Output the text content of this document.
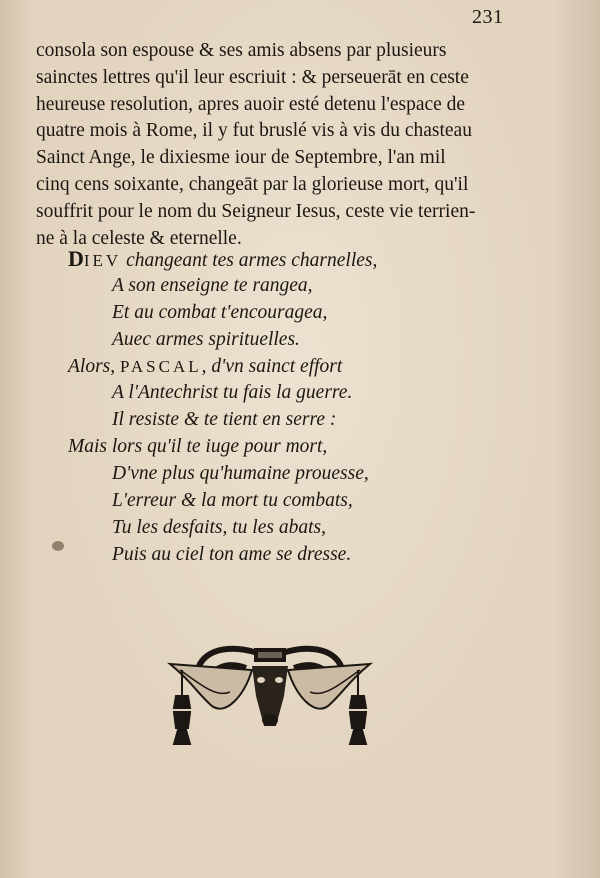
231
consola son espouse & ses amis absens par plusieurs
sainctes lettres qu'il leur escriuit : & perseuerāt en ceste
heureuse resolution, apres auoir esté detenu l'espace de
quatre mois à Rome, il y fut bruslé vis à vis du chasteau
Sainct Ange, le dixiesme iour de Septembre, l'an mil
cinq cens soixante, changeāt par la glorieuse mort, qu'il
souffrit pour le nom du Seigneur Iesus, ceste vie terrien-
ne à la celeste & eternelle.
DIEV changeant tes armes charnelles,
A son enseigne te rangea,
Et au combat t'encouragea,
Auec armes spirituelles.
Alors, PASCAL, d'vn sainct effort
A l'Antechrist tu fais la guerre.
Il resiste & te tient en serre :
Mais lors qu'il te iuge pour mort,
D'vne plus qu'humaine prouesse,
L'erreur & la mort tu combats,
Tu les desfaits, tu les abats,
Puis au ciel ton ame se dresse.
